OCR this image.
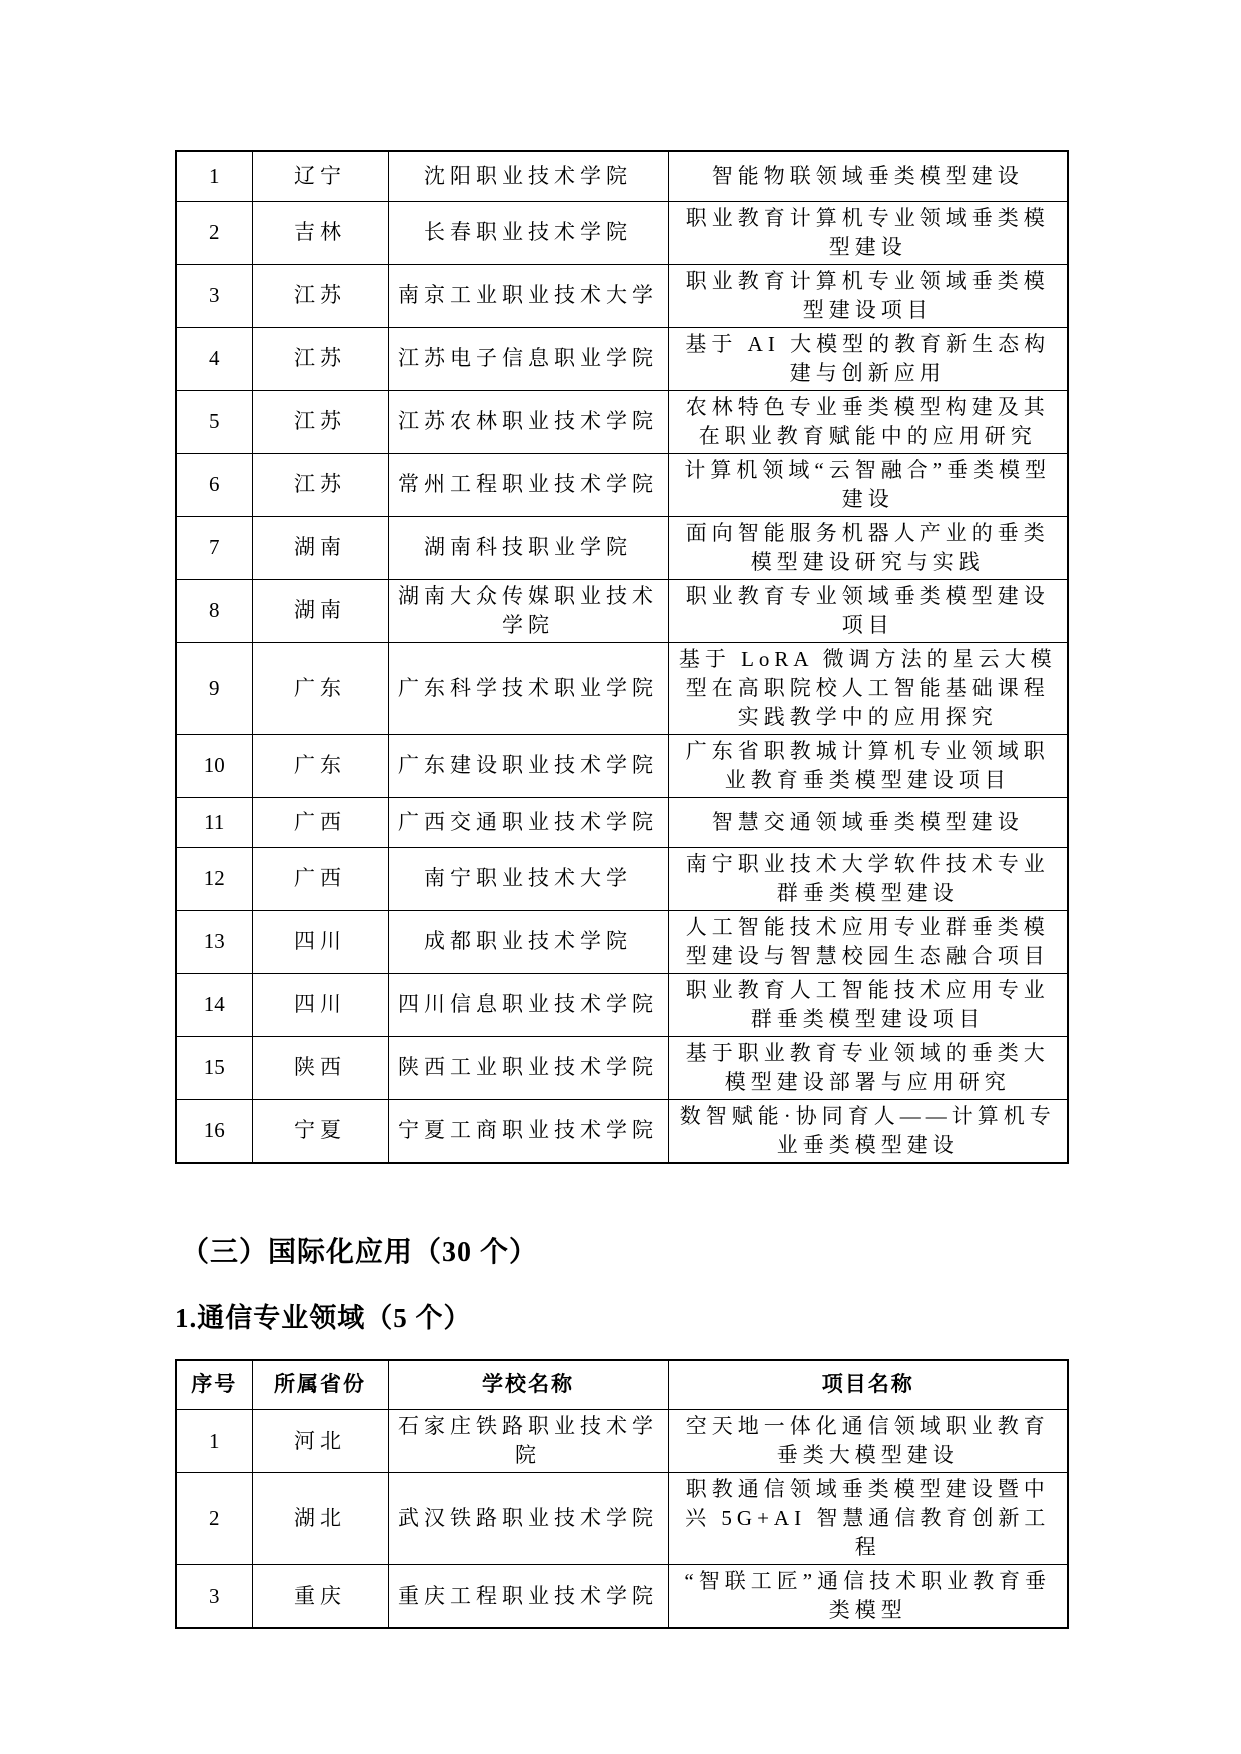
1	辽宁	沈阳职业技术学院	智能物联领域垂类模型建设
2	吉林	长春职业技术学院	职业教育计算机专业领域垂类模型建设
3	江苏	南京工业职业技术大学	职业教育计算机专业领域垂类模型建设项目
4	江苏	江苏电子信息职业学院	基于 AI 大模型的教育新生态构建与创新应用
5	江苏	江苏农林职业技术学院	农林特色专业垂类模型构建及其在职业教育赋能中的应用研究
6	江苏	常州工程职业技术学院	计算机领域“云智融合”垂类模型建设
7	湖南	湖南科技职业学院	面向智能服务机器人产业的垂类模型建设研究与实践
8	湖南	湖南大众传媒职业技术学院	职业教育专业领域垂类模型建设项目
9	广东	广东科学技术职业学院	基于 LoRA 微调方法的星云大模型在高职院校人工智能基础课程实践教学中的应用探究
10	广东	广东建设职业技术学院	广东省职教城计算机专业领域职业教育垂类模型建设项目
11	广西	广西交通职业技术学院	智慧交通领域垂类模型建设
12	广西	南宁职业技术大学	南宁职业技术大学软件技术专业群垂类模型建设
13	四川	成都职业技术学院	人工智能技术应用专业群垂类模型建设与智慧校园生态融合项目
14	四川	四川信息职业技术学院	职业教育人工智能技术应用专业群垂类模型建设项目
15	陕西	陕西工业职业技术学院	基于职业教育专业领域的垂类大模型建设部署与应用研究
16	宁夏	宁夏工商职业技术学院	数智赋能·协同育人——计算机专业垂类模型建设
（三）国际化应用（30 个）
1.通信专业领域（5 个）
序号	所属省份	学校名称	项目名称
1	河北	石家庄铁路职业技术学院	空天地一体化通信领域职业教育垂类大模型建设
2	湖北	武汉铁路职业技术学院	职教通信领域垂类模型建设暨中兴 5G+AI 智慧通信教育创新工程
3	重庆	重庆工程职业技术学院	“智联工匠”通信技术职业教育垂类模型
